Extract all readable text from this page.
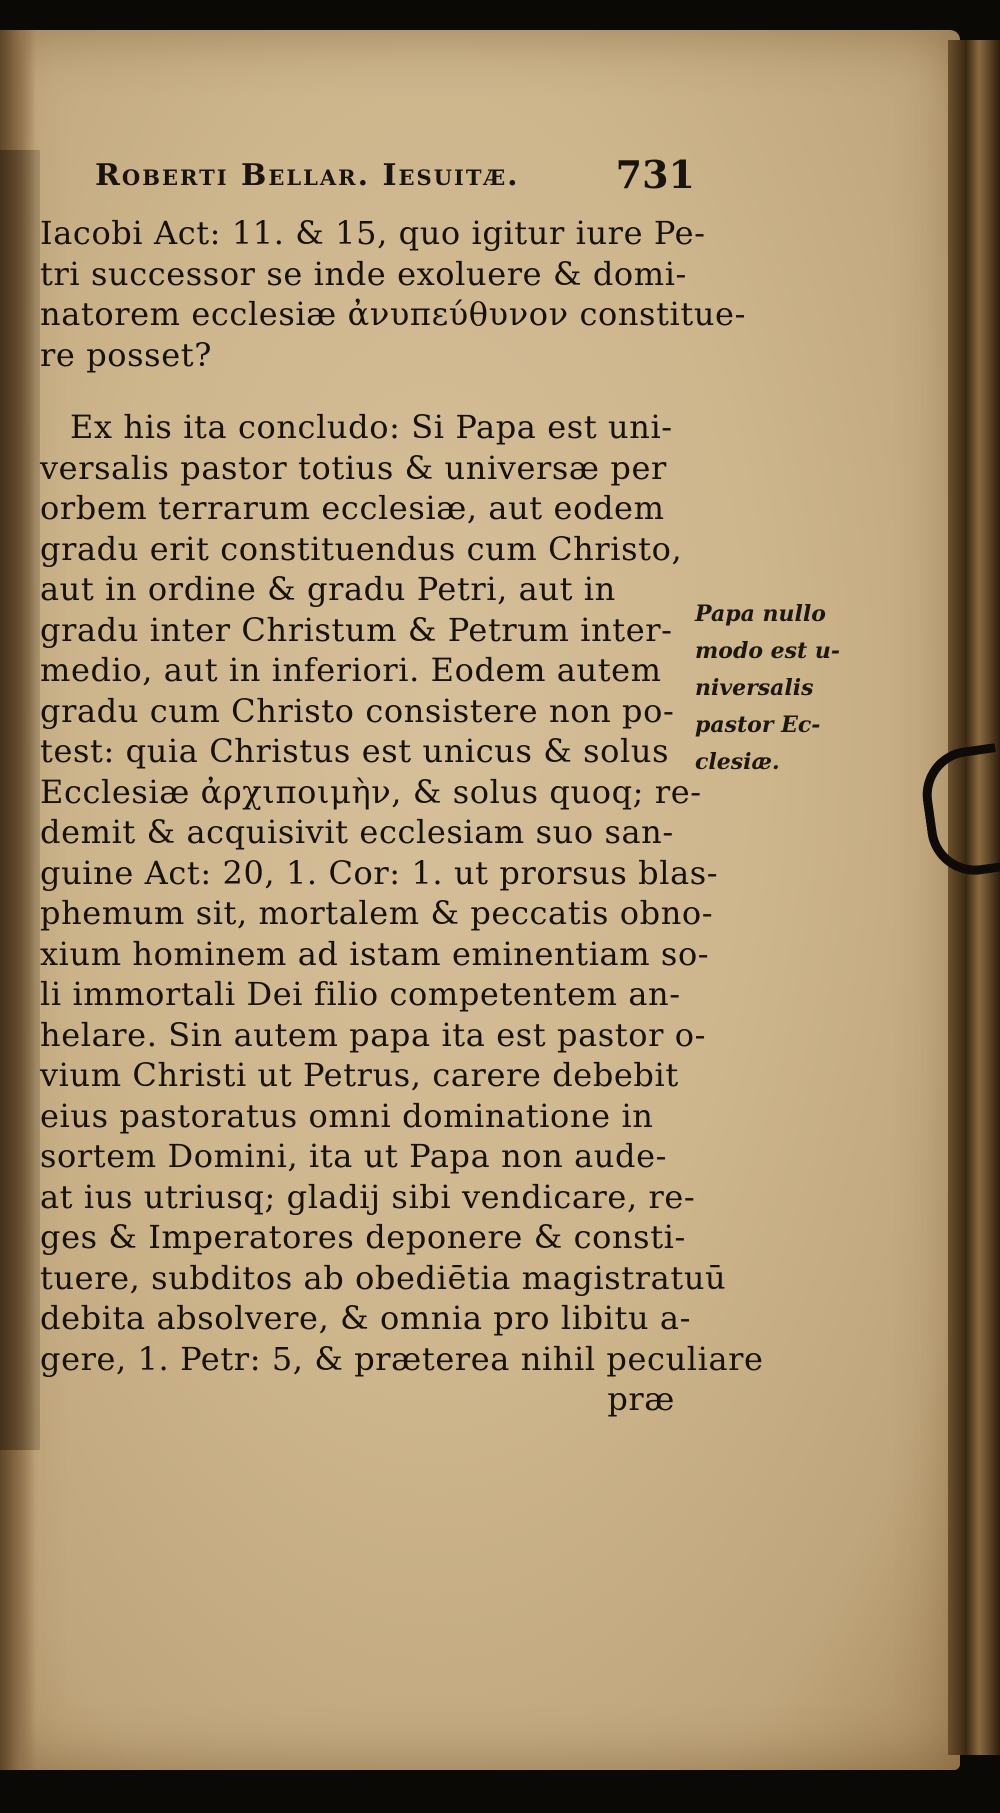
Roberti Bellar. Iesuitæ.	731
Iacobi Act: 11. & 15, quo igitur iure Pe-
tri successor se inde exoluere & domi-
natorem ecclesiæ ἀνυπεύθυνον constitue-
re posset?
Ex his ita concludo: Si Papa est uni-
versalis pastor totius & universæ per
orbem terrarum ecclesiæ, aut eodem
gradu erit constituendus cum Christo,
aut in ordine & gradu Petri, aut in
gradu inter Christum & Petrum inter-
medio, aut in inferiori. Eodem autem
gradu cum Christo consistere non po-
test: quia Christus est unicus & solus
Ecclesiæ ἀρχιποιμὴν, & solus quoq; re-
demit & acquisivit ecclesiam suo san-
guine Act: 20, 1. Cor: 1. ut prorsus blas-
phemum sit, mortalem & peccatis obno-
xium hominem ad istam eminentiam so-
li immortali Dei filio competentem an-
helare. Sin autem papa ita est pastor o-
vium Christi ut Petrus, carere debebit
eius pastoratus omni dominatione in
sortem Domini, ita ut Papa non aude-
at ius utriusq; gladij sibi vendicare, re-
ges & Imperatores deponere & consti-
tuere, subditos ab obediētia magistratuū
debita absolvere, & omnia pro libitu a-
gere, 1. Petr: 5, & præterea nihil peculiare
præ
Papa nullo
modo est u-
niversalis
pastor Ec-
clesiæ.
